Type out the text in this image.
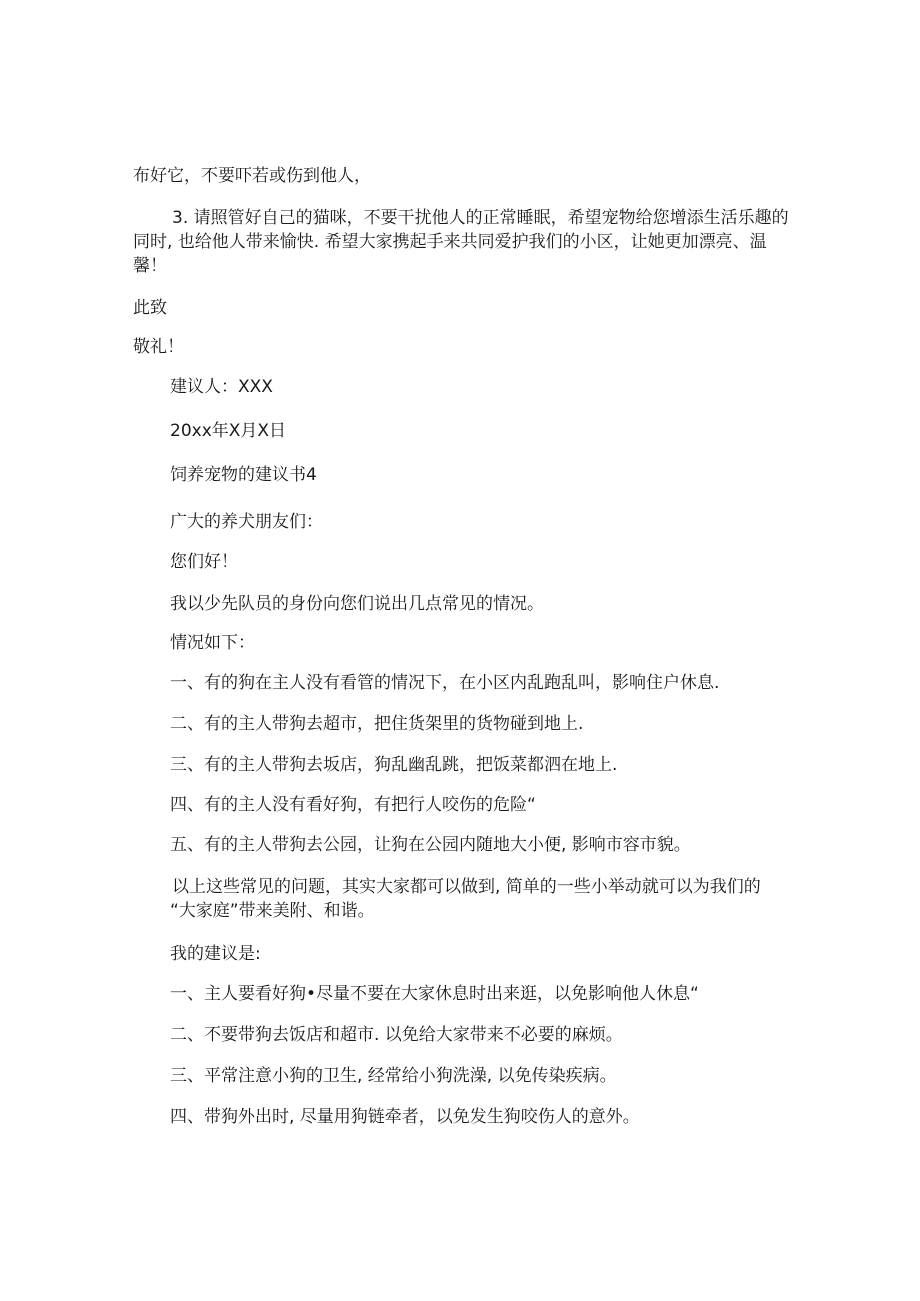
布好它，不要吓若或伤到他人，

3. 请照管好自己的猫咪，不要干扰他人的正常睡眠，希望宠物给您增添生活乐趣的

同时, 也给他人带来愉快. 希望大家携起手来共同爱护我们的小区，让她更加漂亮、温

馨！

此致

敬礼！

建议人：XXX

20xx年X月X日

饲养宠物的建议书4

广大的养犬朋友们：

您们好！

我以少先队员的身份向您们说出几点常见的情况。

情况如下：

一、有的狗在主人没有看管的情况下，在小区内乱跑乱叫，影响住户休息.

二、有的主人带狗去超市，把住货架里的货物碰到地上.

三、有的主人带狗去坂店，狗乱幽乱跳，把饭菜都泗在地上.

四、有的主人没有看好狗，有把行人咬伤的危险“

五、有的主人带狗去公园，让狗在公园内随地大小便, 影响市容市貌。

以上这些常见的问题，其实大家都可以做到, 简单的一些小举动就可以为我们的

“大家庭”带来美附、和谐。

我的建议是:

一、主人要看好狗•尽量不要在大家休息时出来逛，以免影响他人休息“

二、不要带狗去饭店和超市. 以免给大家带来不必要的麻烦。

三、平常注意小狗的卫生, 经常给小狗洗澡, 以免传染疾病。

四、带狗外出时, 尽量用狗链牵者，以免发生狗咬伤人的意外。
